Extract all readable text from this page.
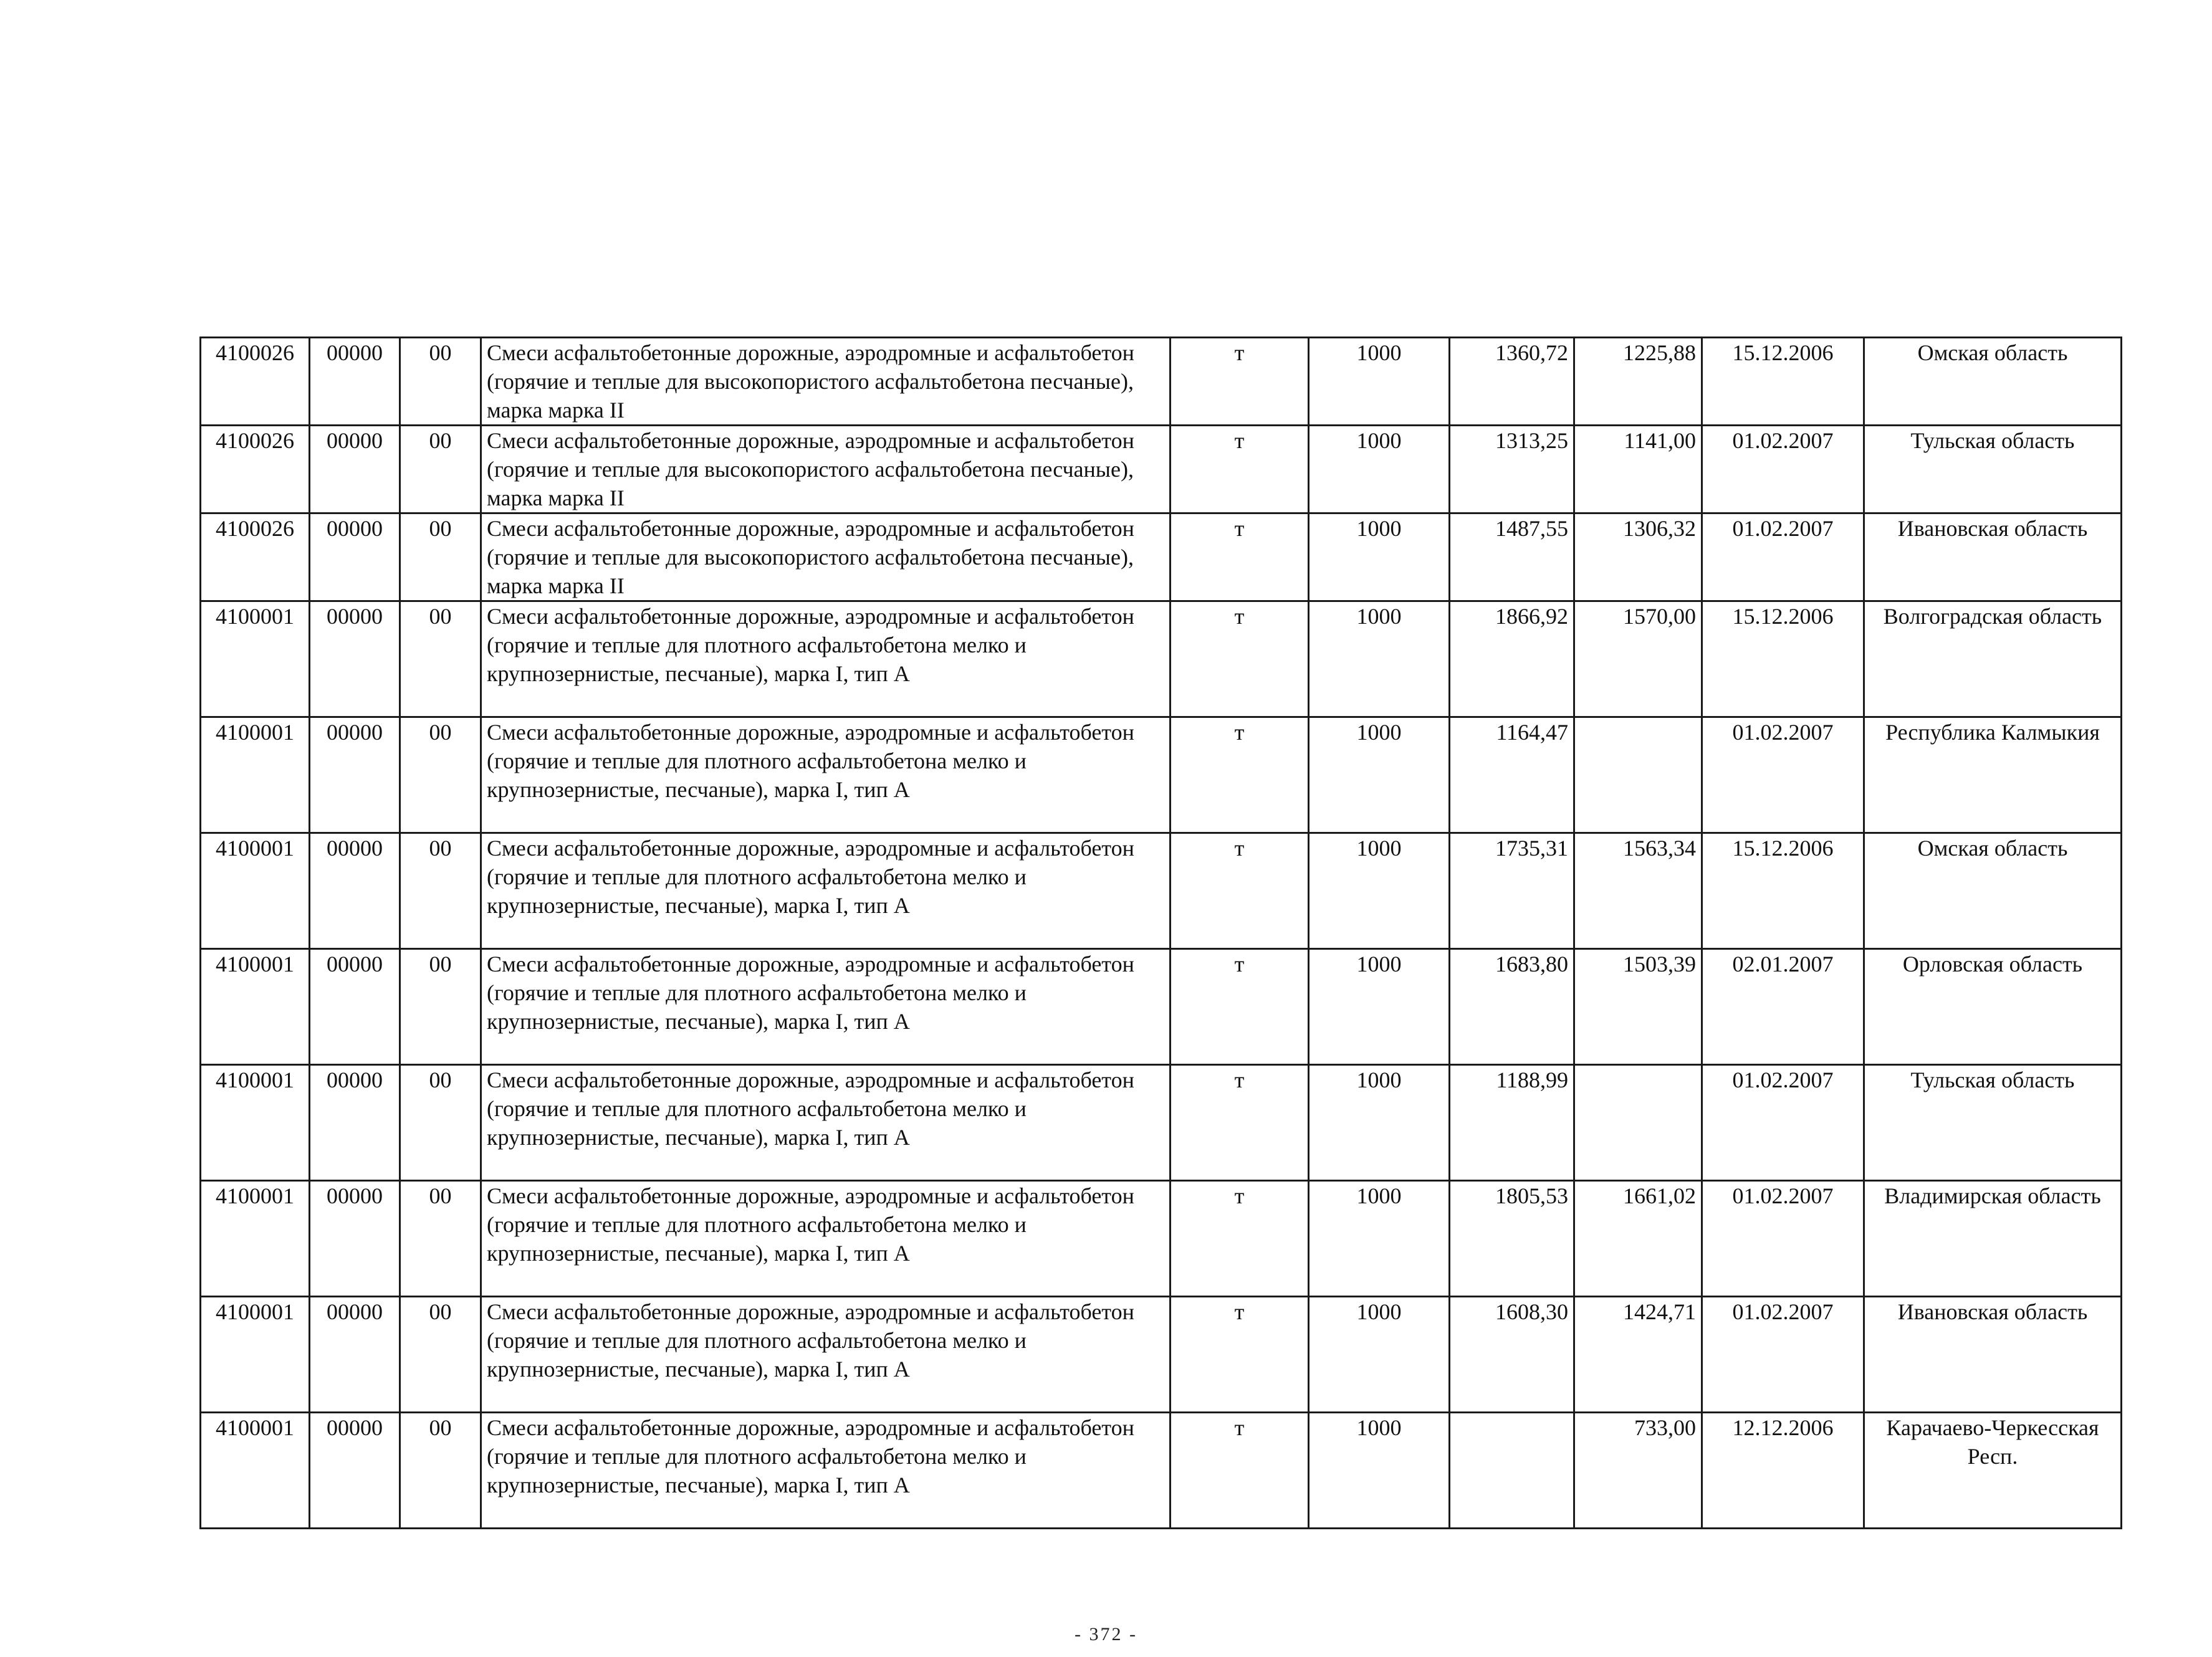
4100026	00000	00	Смеси асфальтобетонные дорожные, аэродромные и асфальтобетон (горячие и теплые для высокопористого асфальтобетона песчаные), марка марка II	т	1000	1360,72	1225,88	15.12.2006	Омская область
4100026	00000	00	Смеси асфальтобетонные дорожные, аэродромные и асфальтобетон (горячие и теплые для высокопористого асфальтобетона песчаные), марка марка II	т	1000	1313,25	1141,00	01.02.2007	Тульская область
4100026	00000	00	Смеси асфальтобетонные дорожные, аэродромные и асфальтобетон (горячие и теплые для высокопористого асфальтобетона песчаные), марка марка II	т	1000	1487,55	1306,32	01.02.2007	Ивановская область
4100001	00000	00	Смеси асфальтобетонные дорожные, аэродромные и асфальтобетон (горячие и теплые для плотного асфальтобетона мелко и крупнозернистые, песчаные), марка I, тип А	т	1000	1866,92	1570,00	15.12.2006	Волгоградская область
4100001	00000	00	Смеси асфальтобетонные дорожные, аэродромные и асфальтобетон (горячие и теплые для плотного асфальтобетона мелко и крупнозернистые, песчаные), марка I, тип А	т	1000	1164,47		01.02.2007	Республика Калмыкия
4100001	00000	00	Смеси асфальтобетонные дорожные, аэродромные и асфальтобетон (горячие и теплые для плотного асфальтобетона мелко и крупнозернистые, песчаные), марка I, тип А	т	1000	1735,31	1563,34	15.12.2006	Омская область
4100001	00000	00	Смеси асфальтобетонные дорожные, аэродромные и асфальтобетон (горячие и теплые для плотного асфальтобетона мелко и крупнозернистые, песчаные), марка I, тип А	т	1000	1683,80	1503,39	02.01.2007	Орловская область
4100001	00000	00	Смеси асфальтобетонные дорожные, аэродромные и асфальтобетон (горячие и теплые для плотного асфальтобетона мелко и крупнозернистые, песчаные), марка I, тип А	т	1000	1188,99		01.02.2007	Тульская область
4100001	00000	00	Смеси асфальтобетонные дорожные, аэродромные и асфальтобетон (горячие и теплые для плотного асфальтобетона мелко и крупнозернистые, песчаные), марка I, тип А	т	1000	1805,53	1661,02	01.02.2007	Владимирская область
4100001	00000	00	Смеси асфальтобетонные дорожные, аэродромные и асфальтобетон (горячие и теплые для плотного асфальтобетона мелко и крупнозернистые, песчаные), марка I, тип А	т	1000	1608,30	1424,71	01.02.2007	Ивановская область
4100001	00000	00	Смеси асфальтобетонные дорожные, аэродромные и асфальтобетон (горячие и теплые для плотного асфальтобетона мелко и крупнозернистые, песчаные), марка I, тип А	т	1000		733,00	12.12.2006	Карачаево-Черкесская Респ.
- 372 -
